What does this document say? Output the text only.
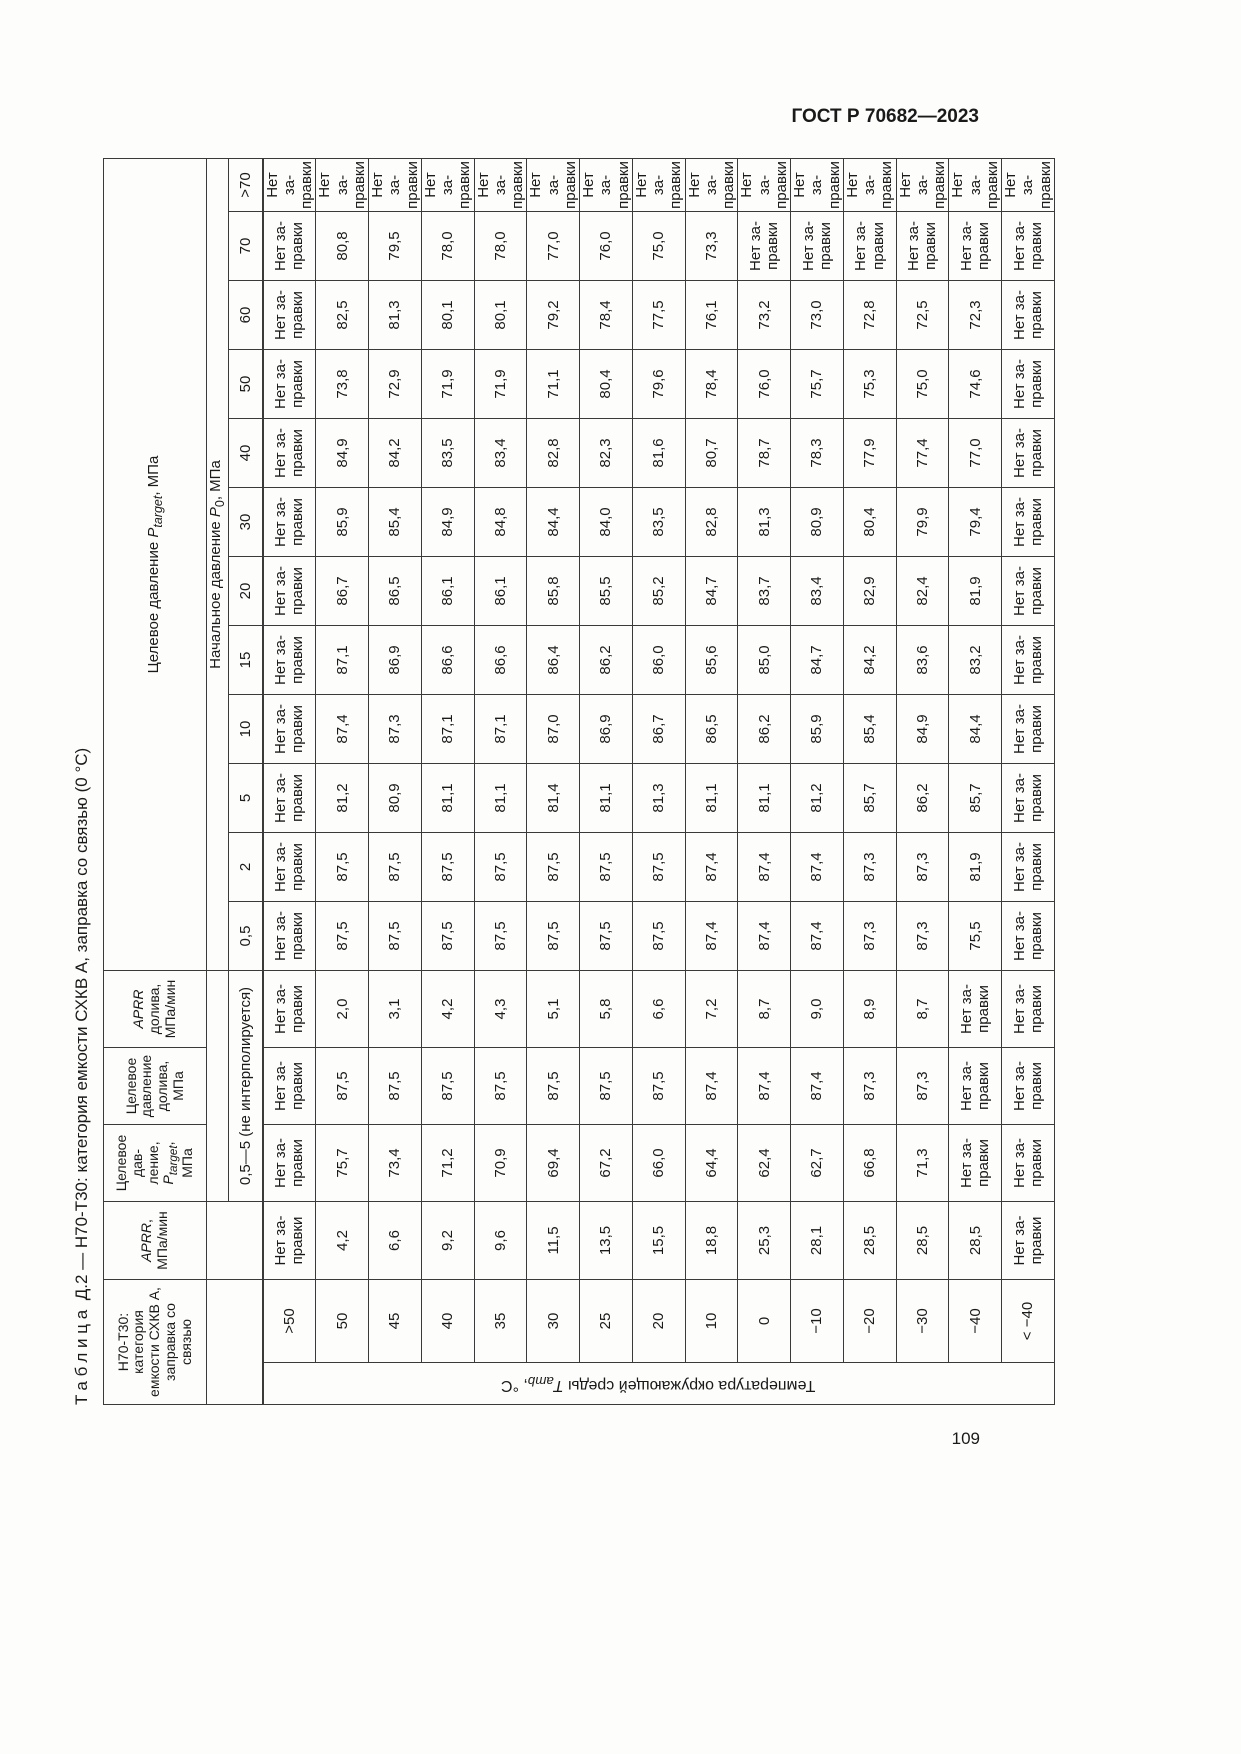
ГОСТ Р 70682—2023
Таблица Д.2 — H70-T30: категория емкости СХКВ А, заправка со связью (0 °C)
H70-T30: категория емкости СХКВ А, заправка со связью		APRR, МПа/мин	Целевое дав- ление, $P_{target}$, МПа	Целевое давление долива, МПа	APRR долива, МПа/мин	Целевое давление $P_{target}$, МПа											

						Начальное давление $P_0$, МПа											
			0,5—5 (не интерполируется)			0,5	2	5	10	15	20	30	40	50	60	70	>70

Температура окружающей среды $T_{amb}$, °C	>50	Нет за- правки	Нет за- правки	Нет за- правки	Нет за- правки	Нет за- правки	Нет за- правки	Нет за- правки	Нет за- правки	Нет за- правки	Нет за- правки	Нет за- правки	Нет за- правки	Нет за- правки	Нет за- правки	Нет за- правки	Нет за- правки
	50	4,2	75,7	87,5	2,0	87,5	87,5	81,2	87,4	87,1	86,7	85,9	84,9	73,8	82,5	80,8	Нет за- правки
	45	6,6	73,4	87,5	3,1	87,5	87,5	80,9	87,3	86,9	86,5	85,4	84,2	72,9	81,3	79,5	Нет за- правки
	40	9,2	71,2	87,5	4,2	87,5	87,5	81,1	87,1	86,6	86,1	84,9	83,5	71,9	80,1	78,0	Нет за- правки
	35	9,6	70,9	87,5	4,3	87,5	87,5	81,1	87,1	86,6	86,1	84,8	83,4	71,9	80,1	78,0	Нет за- правки
	30	11,5	69,4	87,5	5,1	87,5	87,5	81,4	87,0	86,4	85,8	84,4	82,8	71,1	79,2	77,0	Нет за- правки
	25	13,5	67,2	87,5	5,8	87,5	87,5	81,1	86,9	86,2	85,5	84,0	82,3	80,4	78,4	76,0	Нет за- правки
	20	15,5	66,0	87,5	6,6	87,5	87,5	81,3	86,7	86,0	85,2	83,5	81,6	79,6	77,5	75,0	Нет за- правки
	10	18,8	64,4	87,4	7,2	87,4	87,4	81,1	86,5	85,6	84,7	82,8	80,7	78,4	76,1	73,3	Нет за- правки
	0	25,3	62,4	87,4	8,7	87,4	87,4	81,1	86,2	85,0	83,7	81,3	78,7	76,0	73,2	Нет за- правки	Нет за- правки
	−10	28,1	62,7	87,4	9,0	87,4	87,4	81,2	85,9	84,7	83,4	80,9	78,3	75,7	73,0	Нет за- правки	Нет за- правки
	−20	28,5	66,8	87,3	8,9	87,3	87,3	85,7	85,4	84,2	82,9	80,4	77,9	75,3	72,8	Нет за- правки	Нет за- правки
	−30	28,5	71,3	87,3	8,7	87,3	87,3	86,2	84,9	83,6	82,4	79,9	77,4	75,0	72,5	Нет за- правки	Нет за- правки
	−40	28,5	Нет за- правки	Нет за- правки	Нет за- правки	75,5	81,9	85,7	84,4	83,2	81,9	79,4	77,0	74,6	72,3	Нет за- правки	Нет за- правки
	< −40	Нет за- правки	Нет за- правки	Нет за- правки	Нет за- правки	Нет за- правки	Нет за- правки	Нет за- правки	Нет за- правки	Нет за- правки	Нет за- правки	Нет за- правки	Нет за- правки	Нет за- правки	Нет за- правки	Нет за- правки	Нет за- правки
109
